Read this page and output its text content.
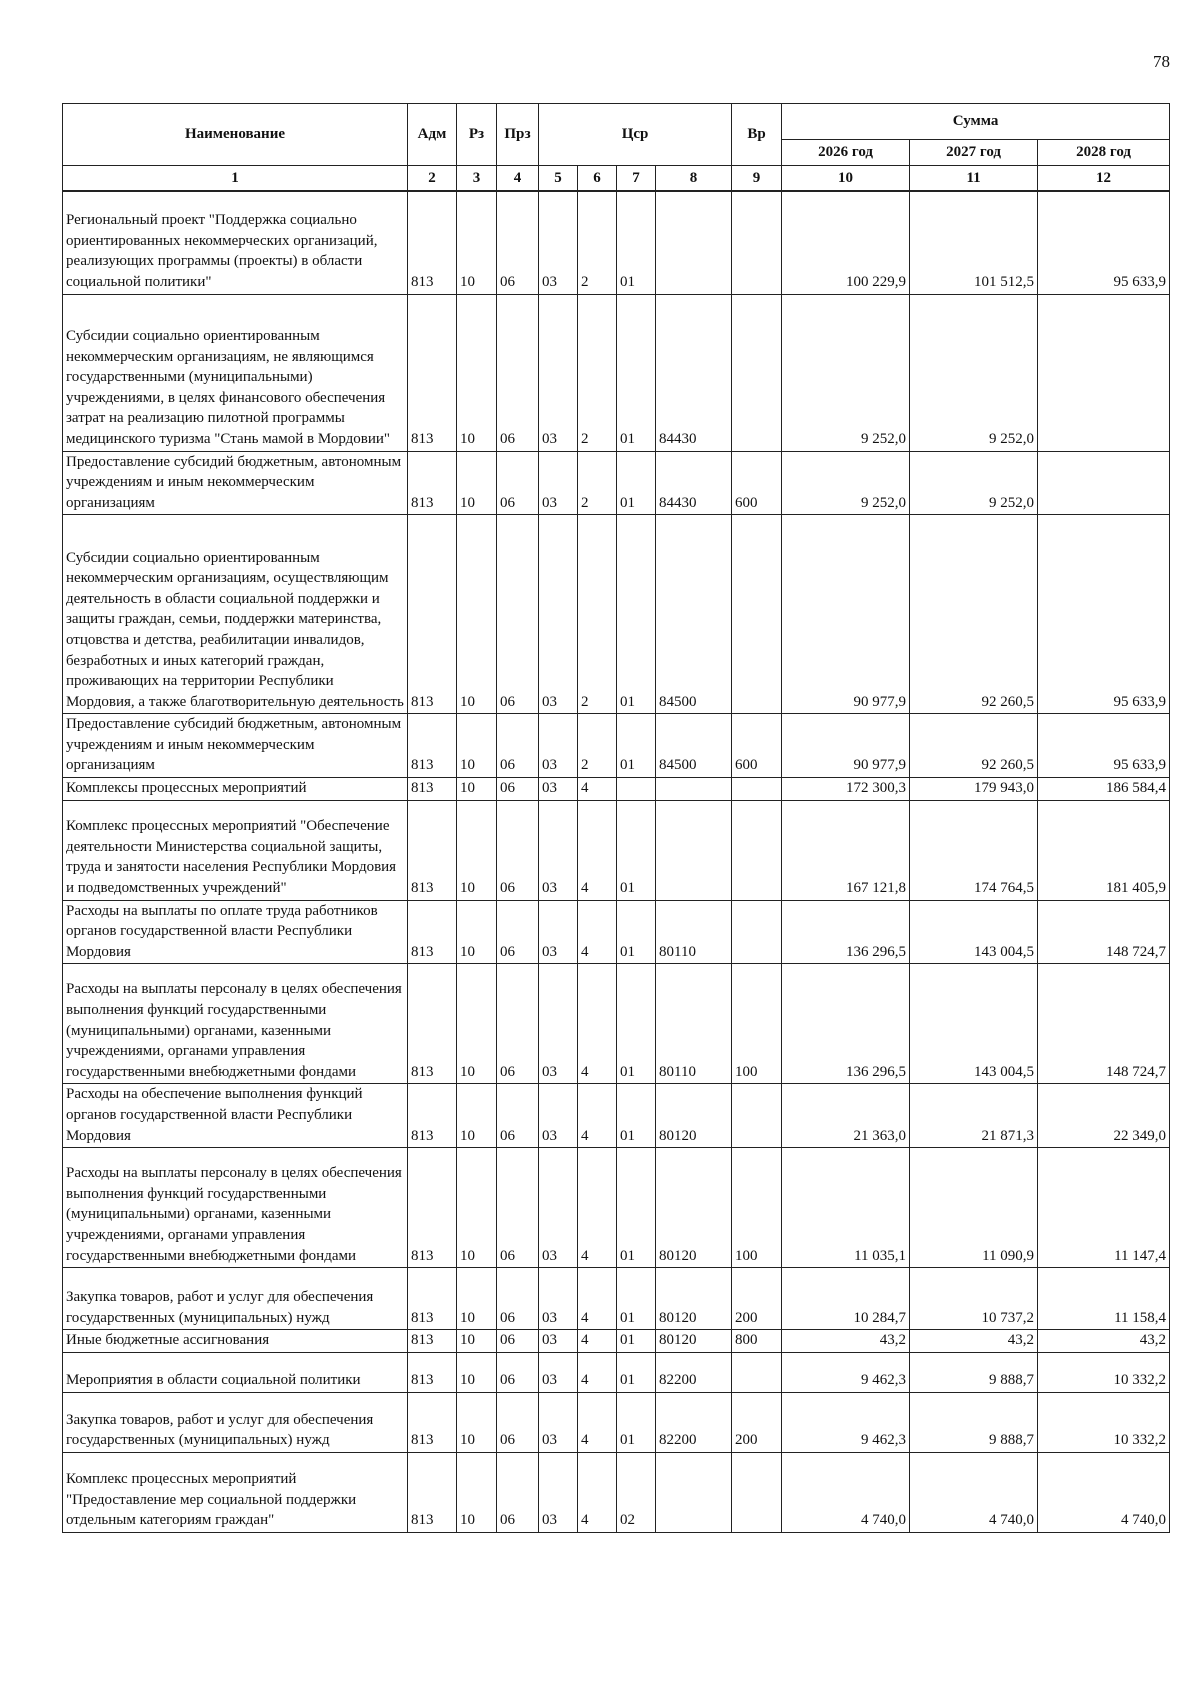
78
Наименование	Адм	Рз	Прз	Цср				Вр	Сумма		
									2026 год	2027 год	2028 год
1	2	3	4	5	6	7	8	9	10	11	12
Региональный проект "Поддержка социально ориентированных некоммерческих организаций, реализующих программы (проекты) в области социальной политики"	813	10	06	03	2	01			100 229,9	101 512,5	95 633,9
Субсидии социально ориентированным некоммерческим организациям, не являющимся государственными (муниципальными) учреждениями, в целях финансового обеспечения затрат на реализацию пилотной программы медицинского туризма "Стань мамой в Мордовии"	813	10	06	03	2	01	84430		9 252,0	9 252,0	
Предоставление субсидий бюджетным, автономным учреждениям и иным некоммерческим организациям	813	10	06	03	2	01	84430	600	9 252,0	9 252,0	
Субсидии социально ориентированным некоммерческим организациям, осуществляющим деятельность в области социальной поддержки и защиты граждан, семьи, поддержки материнства, отцовства и детства, реабилитации инвалидов, безработных и иных категорий граждан, проживающих на территории Республики Мордовия, а также благотворительную деятельность	813	10	06	03	2	01	84500		90 977,9	92 260,5	95 633,9
Предоставление субсидий бюджетным, автономным учреждениям и иным некоммерческим организациям	813	10	06	03	2	01	84500	600	90 977,9	92 260,5	95 633,9
Комплексы процессных мероприятий	813	10	06	03	4				172 300,3	179 943,0	186 584,4
Комплекс процессных мероприятий "Обеспечение деятельности Министерства социальной защиты, труда и занятости населения Республики Мордовия и подведомственных учреждений"	813	10	06	03	4	01			167 121,8	174 764,5	181 405,9
Расходы на выплаты по оплате труда работников органов государственной власти Республики Мордовия	813	10	06	03	4	01	80110		136 296,5	143 004,5	148 724,7
Расходы на выплаты персоналу в целях обеспечения выполнения функций государственными (муниципальными) органами, казенными учреждениями, органами управления государственными внебюджетными фондами	813	10	06	03	4	01	80110	100	136 296,5	143 004,5	148 724,7
Расходы на обеспечение выполнения функций органов государственной власти Республики Мордовия	813	10	06	03	4	01	80120		21 363,0	21 871,3	22 349,0
Расходы на выплаты персоналу в целях обеспечения выполнения функций государственными (муниципальными) органами, казенными учреждениями, органами управления государственными внебюджетными фондами	813	10	06	03	4	01	80120	100	11 035,1	11 090,9	11 147,4
Закупка товаров, работ и услуг для обеспечения государственных (муниципальных) нужд	813	10	06	03	4	01	80120	200	10 284,7	10 737,2	11 158,4
Иные бюджетные ассигнования	813	10	06	03	4	01	80120	800	43,2	43,2	43,2
Мероприятия в области социальной политики	813	10	06	03	4	01	82200		9 462,3	9 888,7	10 332,2
Закупка товаров, работ и услуг для обеспечения государственных (муниципальных) нужд	813	10	06	03	4	01	82200	200	9 462,3	9 888,7	10 332,2
Комплекс процессных мероприятий "Предоставление мер социальной поддержки отдельным категориям граждан"	813	10	06	03	4	02			4 740,0	4 740,0	4 740,0
